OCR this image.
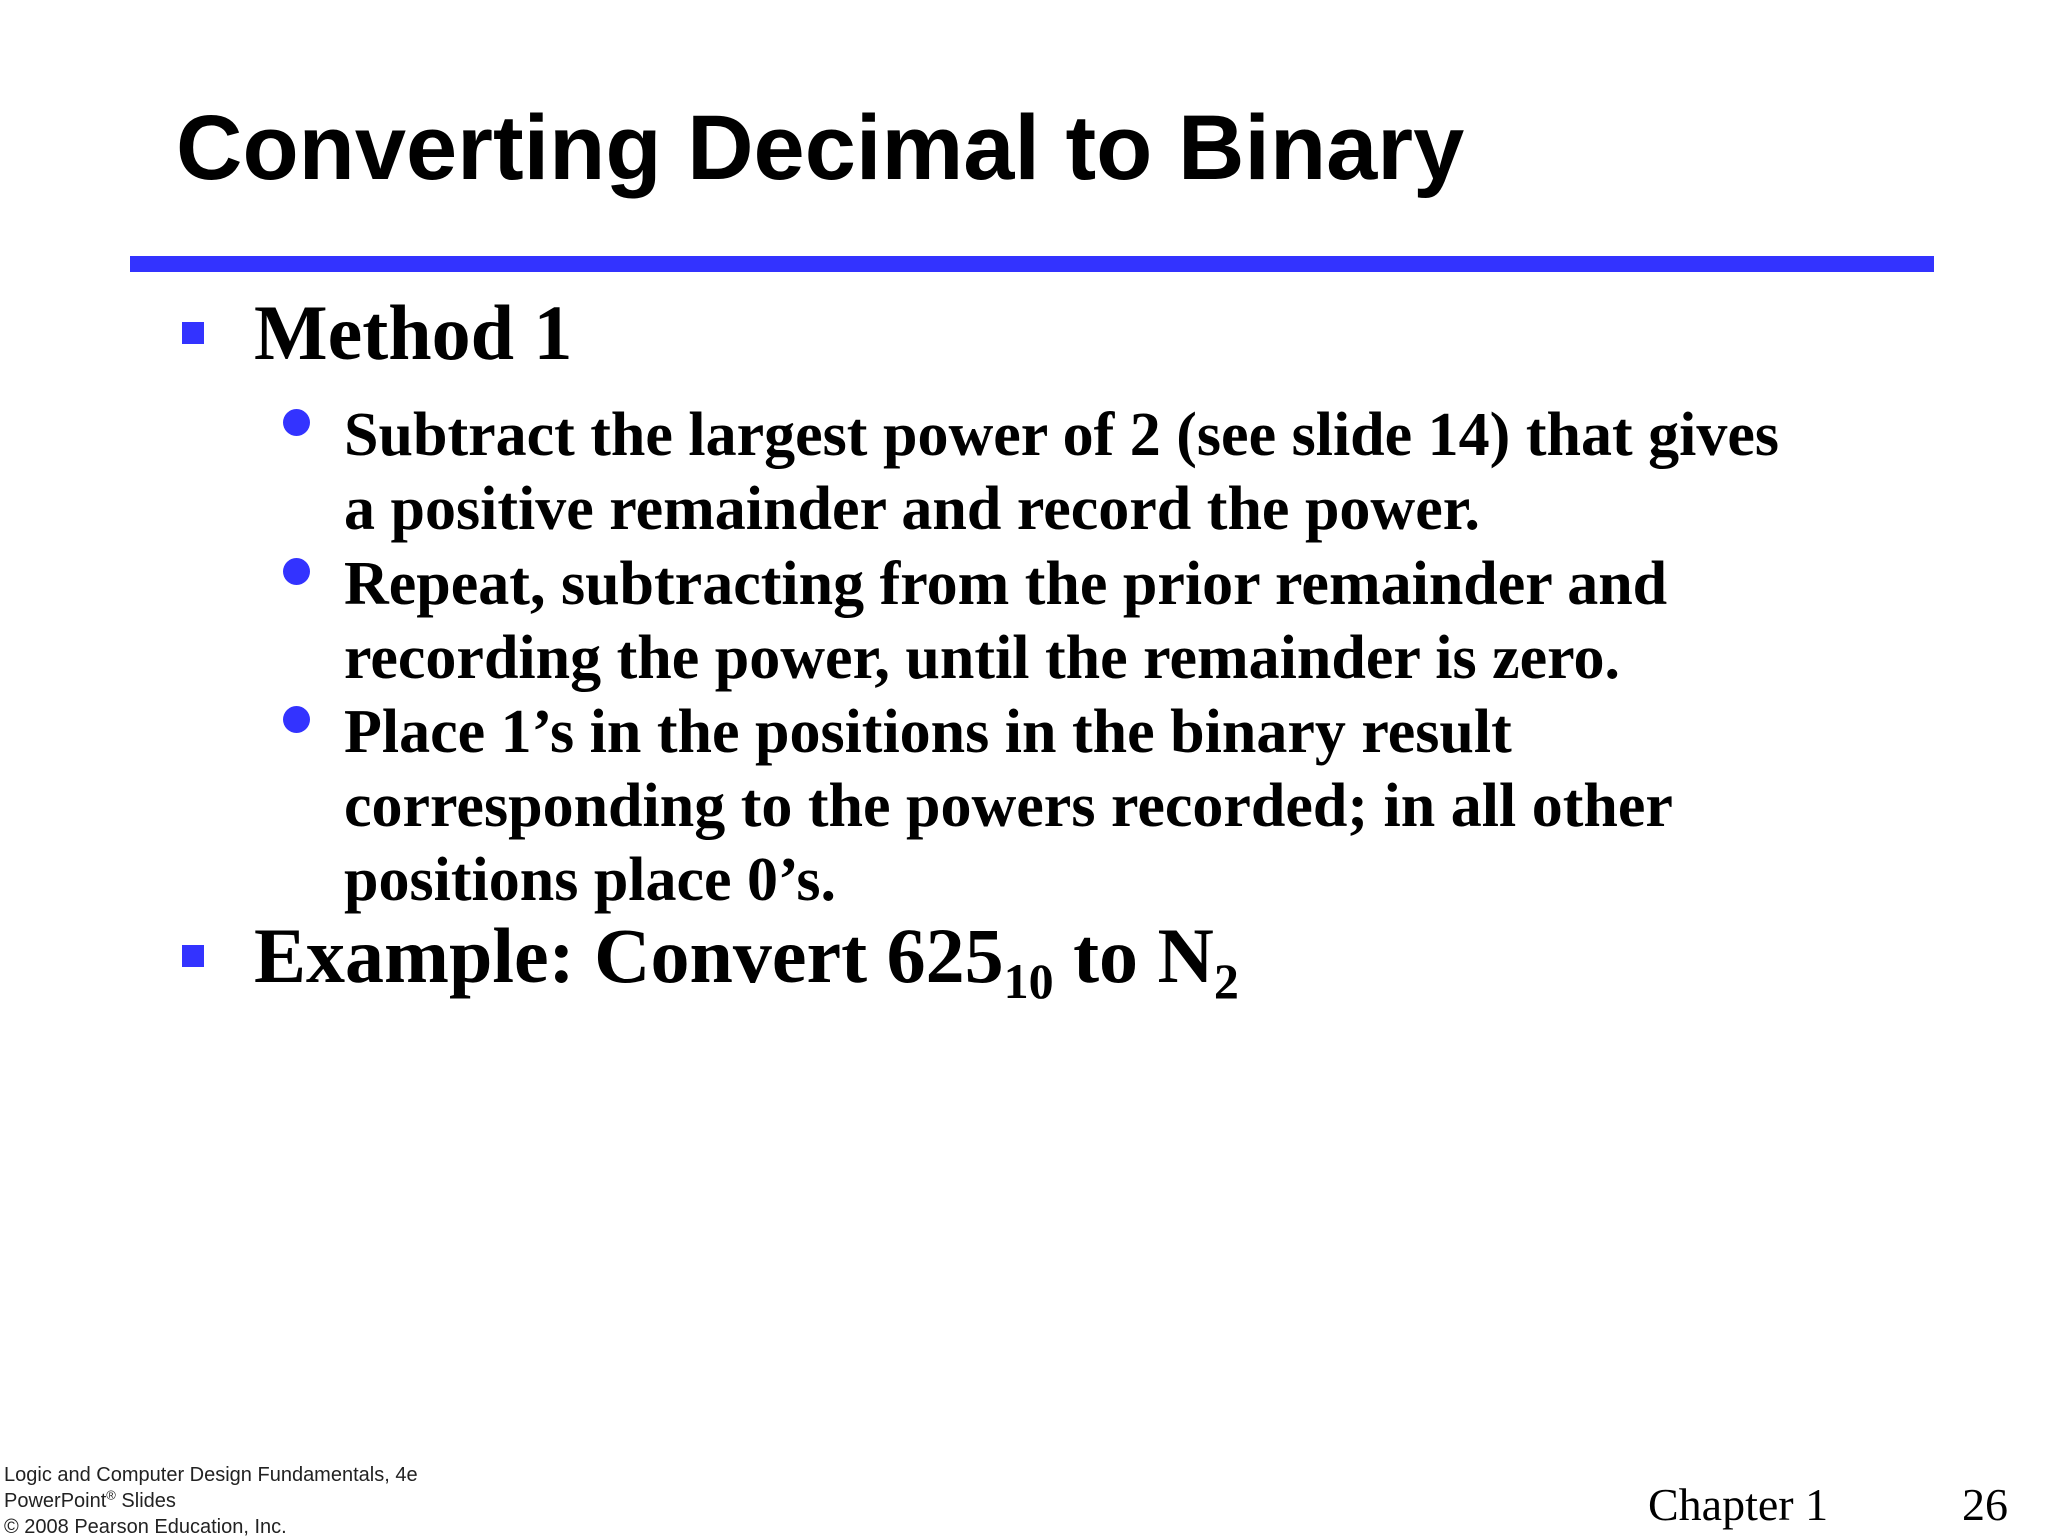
Converting Decimal to Binary

Method 1

Subtract the largest power of 2 (see slide 14) that gives
a positive remainder and record the power.

Repeat, subtracting from the prior remainder and
recording the power, until the remainder is zero.

Place 1’s in the positions in the binary result
corresponding to the powers recorded; in all other
positions place 0’s.

Example: Convert $625_{10}$ to $N_2$

Logic and Computer Design Fundamentals, 4e
PowerPoint® Slides
© 2008 Pearson Education, Inc.	Chapter 1	26
